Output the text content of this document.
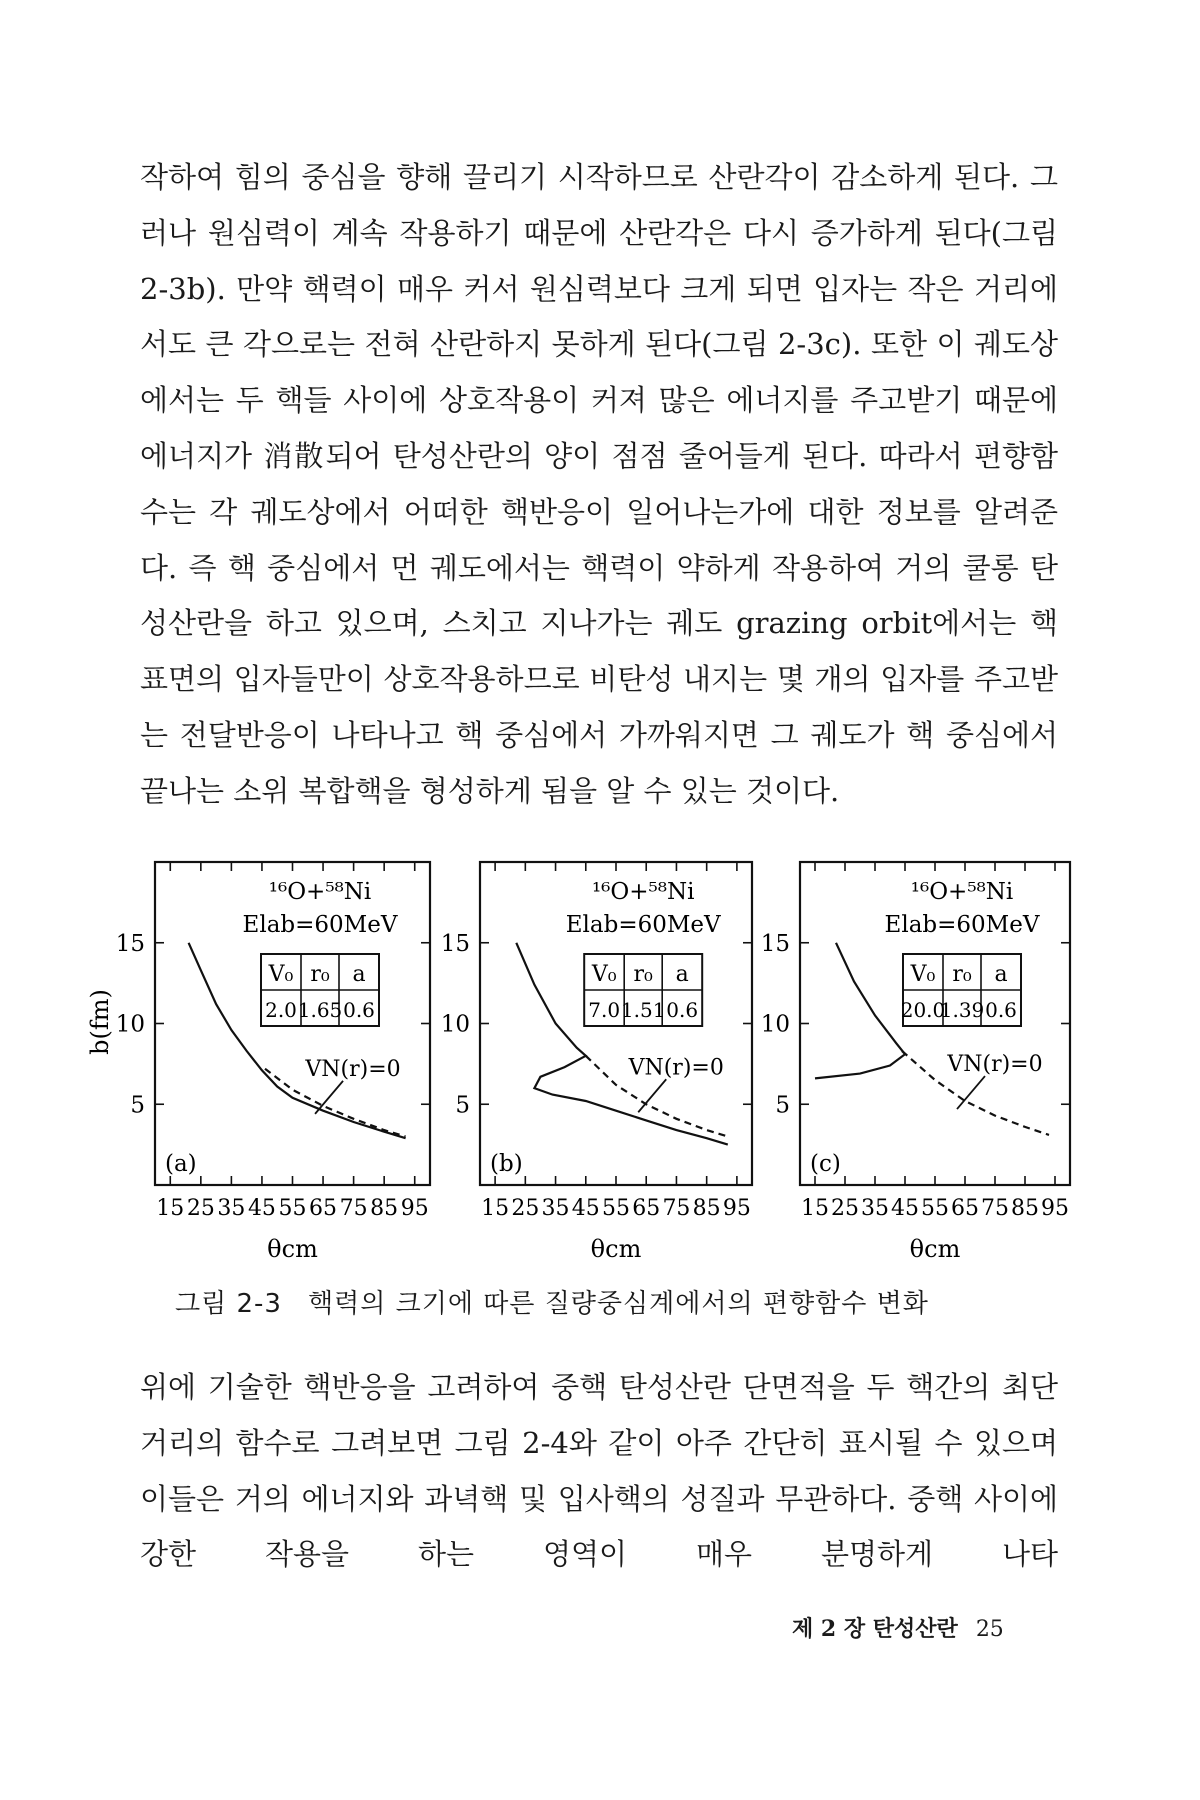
작하여 힘의 중심을 향해 끌리기 시작하므로 산란각이 감소하게 된다. 그러나 원심력이 계속 작용하기 때문에 산란각은 다시 증가하게 된다(그림 2-3b). 만약 핵력이 매우 커서 원심력보다 크게 되면 입자는 작은 거리에서도 큰 각으로는 전혀 산란하지 못하게 된다(그림 2-3c). 또한 이 궤도상에서는 두 핵들 사이에 상호작용이 커져 많은 에너지를 주고받기 때문에 에너지가 消散되어 탄성산란의 양이 점점 줄어들게 된다. 따라서 편향함수는 각 궤도상에서 어떠한 핵반응이 일어나는가에 대한 정보를 알려준다. 즉 핵 중심에서 먼 궤도에서는 핵력이 약하게 작용하여 거의 쿨롱 탄성산란을 하고 있으며, 스치고 지나가는 궤도 grazing orbit에서는 핵 표면의 입자들만이 상호작용하므로 비탄성 내지는 몇 개의 입자를 주고받는 전달반응이 나타나고 핵 중심에서 가까워지면 그 궤도가 핵 중심에서 끝나는 소위 복합핵을 형성하게 됨을 알 수 있는 것이다.

b(fm)
15 25 35 45 55 65 75 85 95
15
10
5
θcm
¹⁶O+⁵⁸Ni
Elab=60MeV
V₀
2.0
r₀
1.65
a
0.6
VN(r)=0
(a)
15 25 35 45 55 65 75 85 95
15
10
5
θcm
¹⁶O+⁵⁸Ni
Elab=60MeV
V₀
7.0
r₀
1.51
a
0.6
VN(r)=0
(b)
15 25 35 45 55 65 75 85 95
15
10
5
θcm
¹⁶O+⁵⁸Ni
Elab=60MeV
V₀
20.0
r₀
1.39
a
0.6
VN(r)=0
(c)
그림 2-3 핵력의 크기에 따른 질량중심계에서의 편향함수 변화

위에 기술한 핵반응을 고려하여 중핵 탄성산란 단면적을 두 핵간의 최단거리의 함수로 그려보면 그림 2-4와 같이 아주 간단히 표시될 수 있으며 이들은 거의 에너지와 과녁핵 및 입사핵의 성질과 무관하다. 중핵 사이에 강한 작용을 하는 영역이 매우 분명하게 나타

제 2 장 탄성산란 25
